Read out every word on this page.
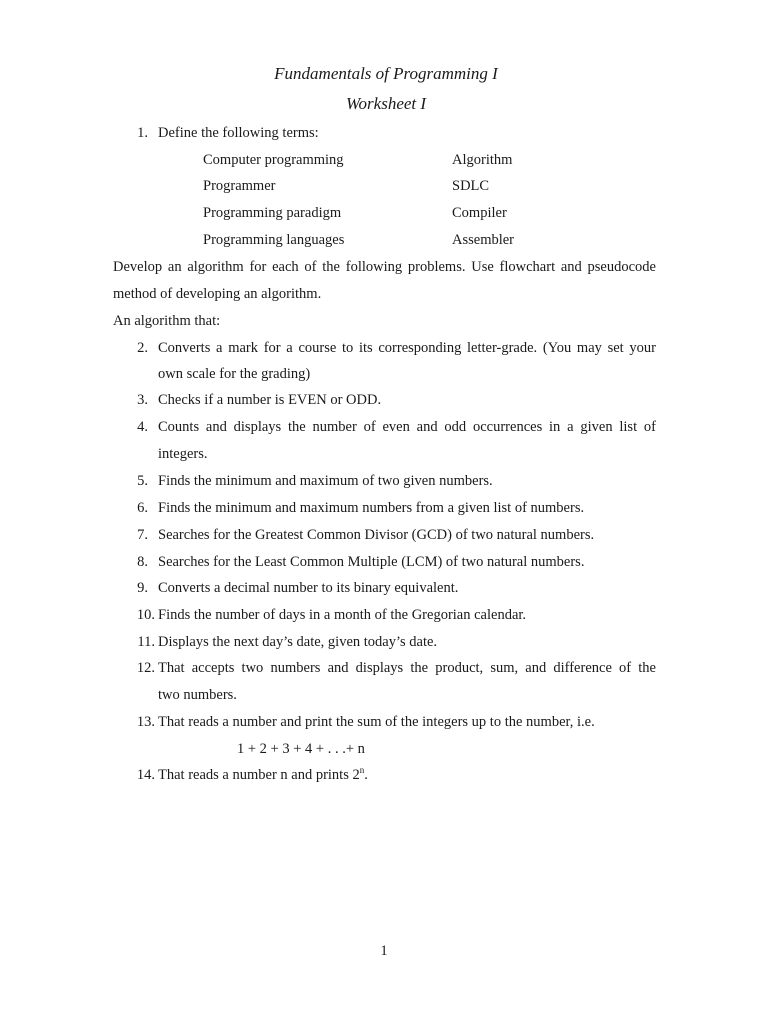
Fundamentals of Programming I
Worksheet I
1. Define the following terms:
Computer programming	Algorithm
Programmer	SDLC
Programming paradigm	Compiler
Programming languages	Assembler
Develop an algorithm for each of the following problems. Use flowchart and pseudocode
method of developing an algorithm.
An algorithm that:
2. Converts a mark for a course to its corresponding letter-grade. (You may set your
own scale for the grading)
3. Checks if a number is EVEN or ODD.
4. Counts and displays the number of even and odd occurrences in a given list of
integers.
5. Finds the minimum and maximum of two given numbers.
6. Finds the minimum and maximum numbers from a given list of numbers.
7. Searches for the Greatest Common Divisor (GCD) of two natural numbers.
8. Searches for the Least Common Multiple (LCM) of two natural numbers.
9. Converts a decimal number to its binary equivalent.
10. Finds the number of days in a month of the Gregorian calendar.
11. Displays the next day’s date, given today’s date.
12. That accepts two numbers and displays the product, sum, and difference of the
two numbers.
13. That reads a number and print the sum of the integers up to the number, i.e.
1 + 2 + 3 + 4 + . . .+ n
14. That reads a number n and prints 2$^n$.
1
